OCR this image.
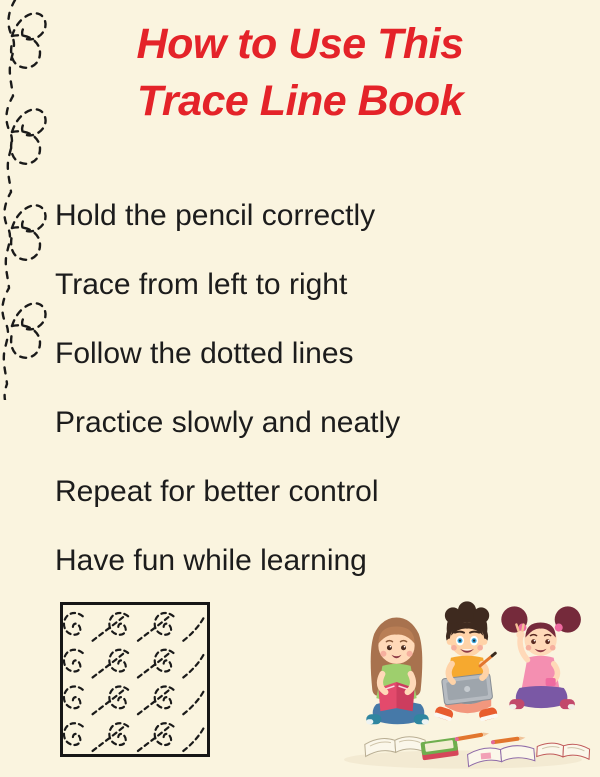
How to Use This
Trace Line Book
Hold the pencil correctly
Trace from left to right
Follow the dotted lines
Practice slowly and neatly
Repeat for better control
Have fun while learning
